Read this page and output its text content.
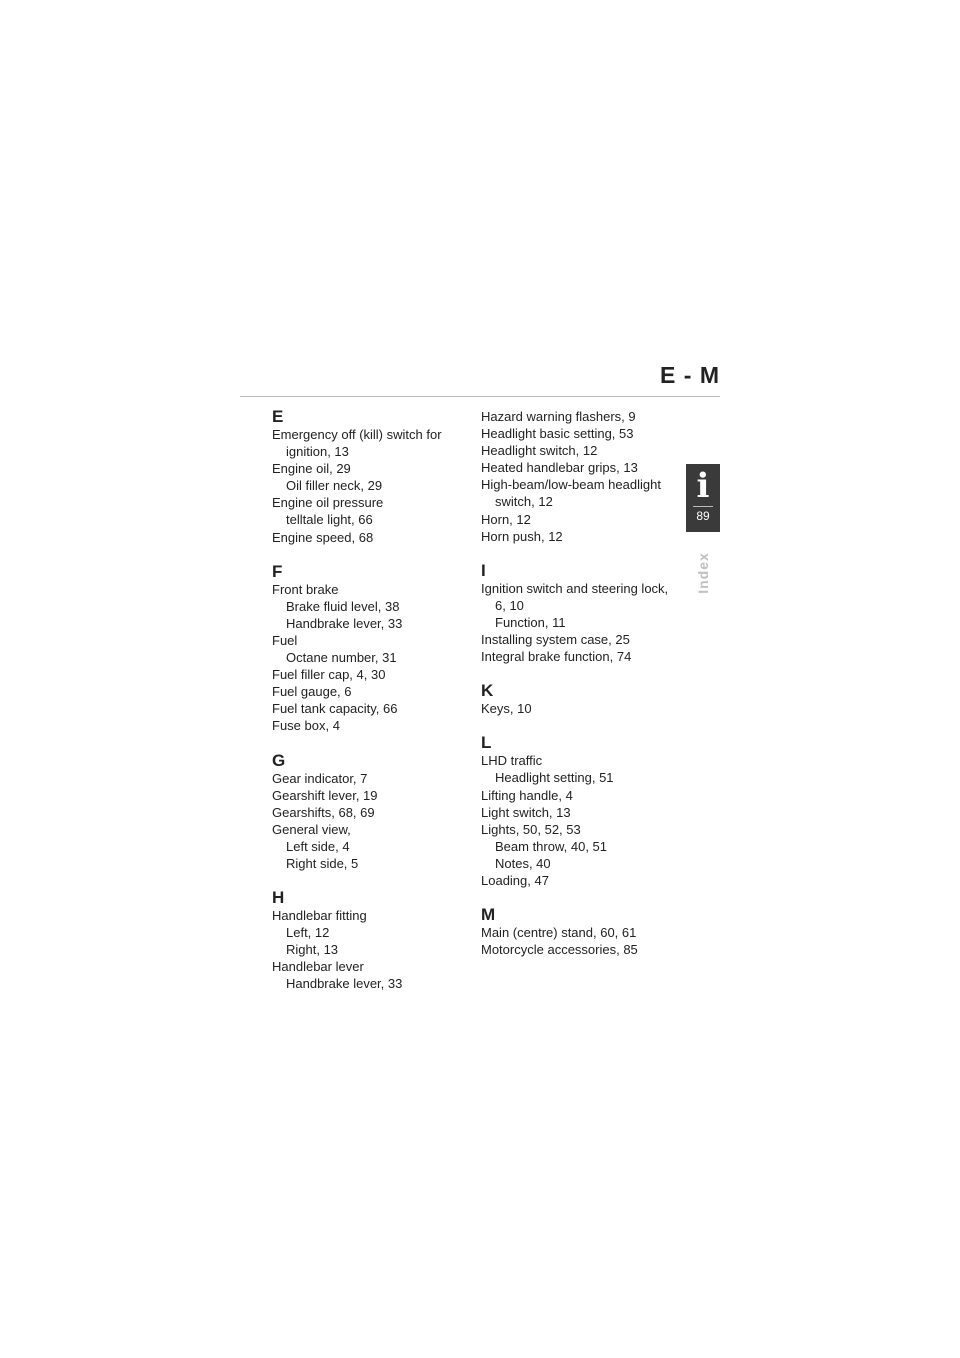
E - M
i
89
Index
E
Emergency off (kill) switch for
ignition, 13
Engine oil, 29
Oil filler neck, 29
Engine oil pressure
telltale light, 66
Engine speed, 68
F
Front brake
Brake fluid level, 38
Handbrake lever, 33
Fuel
Octane number, 31
Fuel filler cap, 4, 30
Fuel gauge, 6
Fuel tank capacity, 66
Fuse box, 4
G
Gear indicator, 7
Gearshift lever, 19
Gearshifts, 68, 69
General view,
Left side, 4
Right side, 5
H
Handlebar fitting
Left, 12
Right, 13
Handlebar lever
Handbrake lever, 33
Hazard warning flashers, 9
Headlight basic setting, 53
Headlight switch, 12
Heated handlebar grips, 13
High-beam/low-beam headlight
switch, 12
Horn, 12
Horn push, 12
I
Ignition switch and steering lock,
6, 10
Function, 11
Installing system case, 25
Integral brake function, 74
K
Keys, 10
L
LHD traffic
Headlight setting, 51
Lifting handle, 4
Light switch, 13
Lights, 50, 52, 53
Beam throw, 40, 51
Notes, 40
Loading, 47
M
Main (centre) stand, 60, 61
Motorcycle accessories, 85
